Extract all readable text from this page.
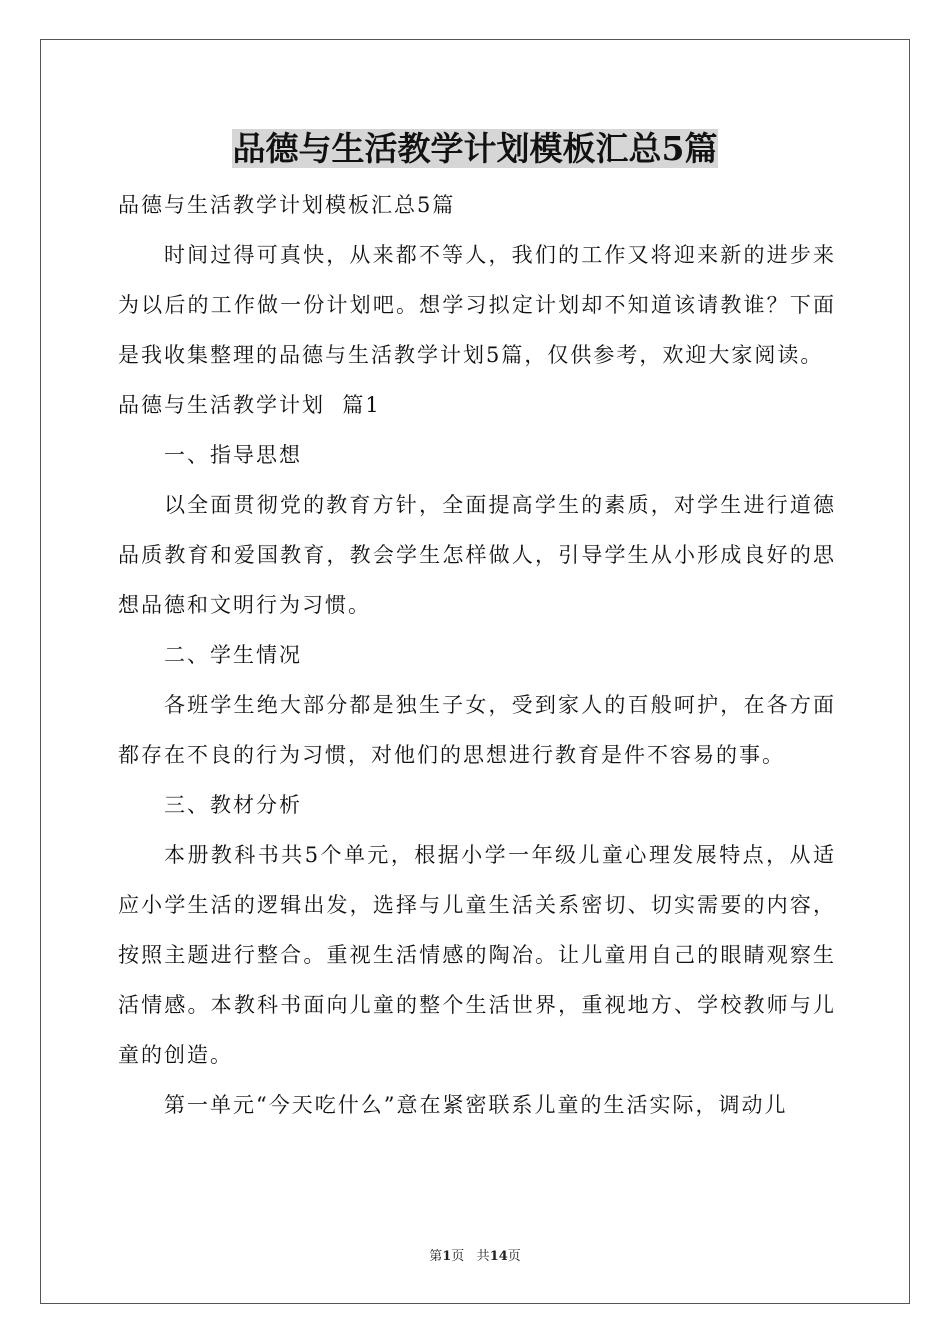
品德与生活教学计划模板汇总5篇

品德与生活教学计划模板汇总5篇

时间过得可真快，从来都不等人，我们的工作又将迎来新的进步来为以后的工作做一份计划吧。想学习拟定计划却不知道该请教谁？下面是我收集整理的品德与生活教学计划5篇，仅供参考，欢迎大家阅读。

品德与生活教学计划  篇1

一、指导思想

以全面贯彻党的教育方针，全面提高学生的素质，对学生进行道德品质教育和爱国教育，教会学生怎样做人，引导学生从小形成良好的思想品德和文明行为习惯。

二、学生情况

各班学生绝大部分都是独生子女，受到家人的百般呵护，在各方面都存在不良的行为习惯，对他们的思想进行教育是件不容易的事。

三、教材分析

本册教科书共5个单元，根据小学一年级儿童心理发展特点，从适应小学生活的逻辑出发，选择与儿童生活关系密切、切实需要的内容，按照主题进行整合。重视生活情感的陶冶。让儿童用自己的眼睛观察生活情感。本教科书面向儿童的整个生活世界，重视地方、学校教师与儿童的创造。

第一单元“今天吃什么”意在紧密联系儿童的生活实际，调动儿

第1页 共14页
